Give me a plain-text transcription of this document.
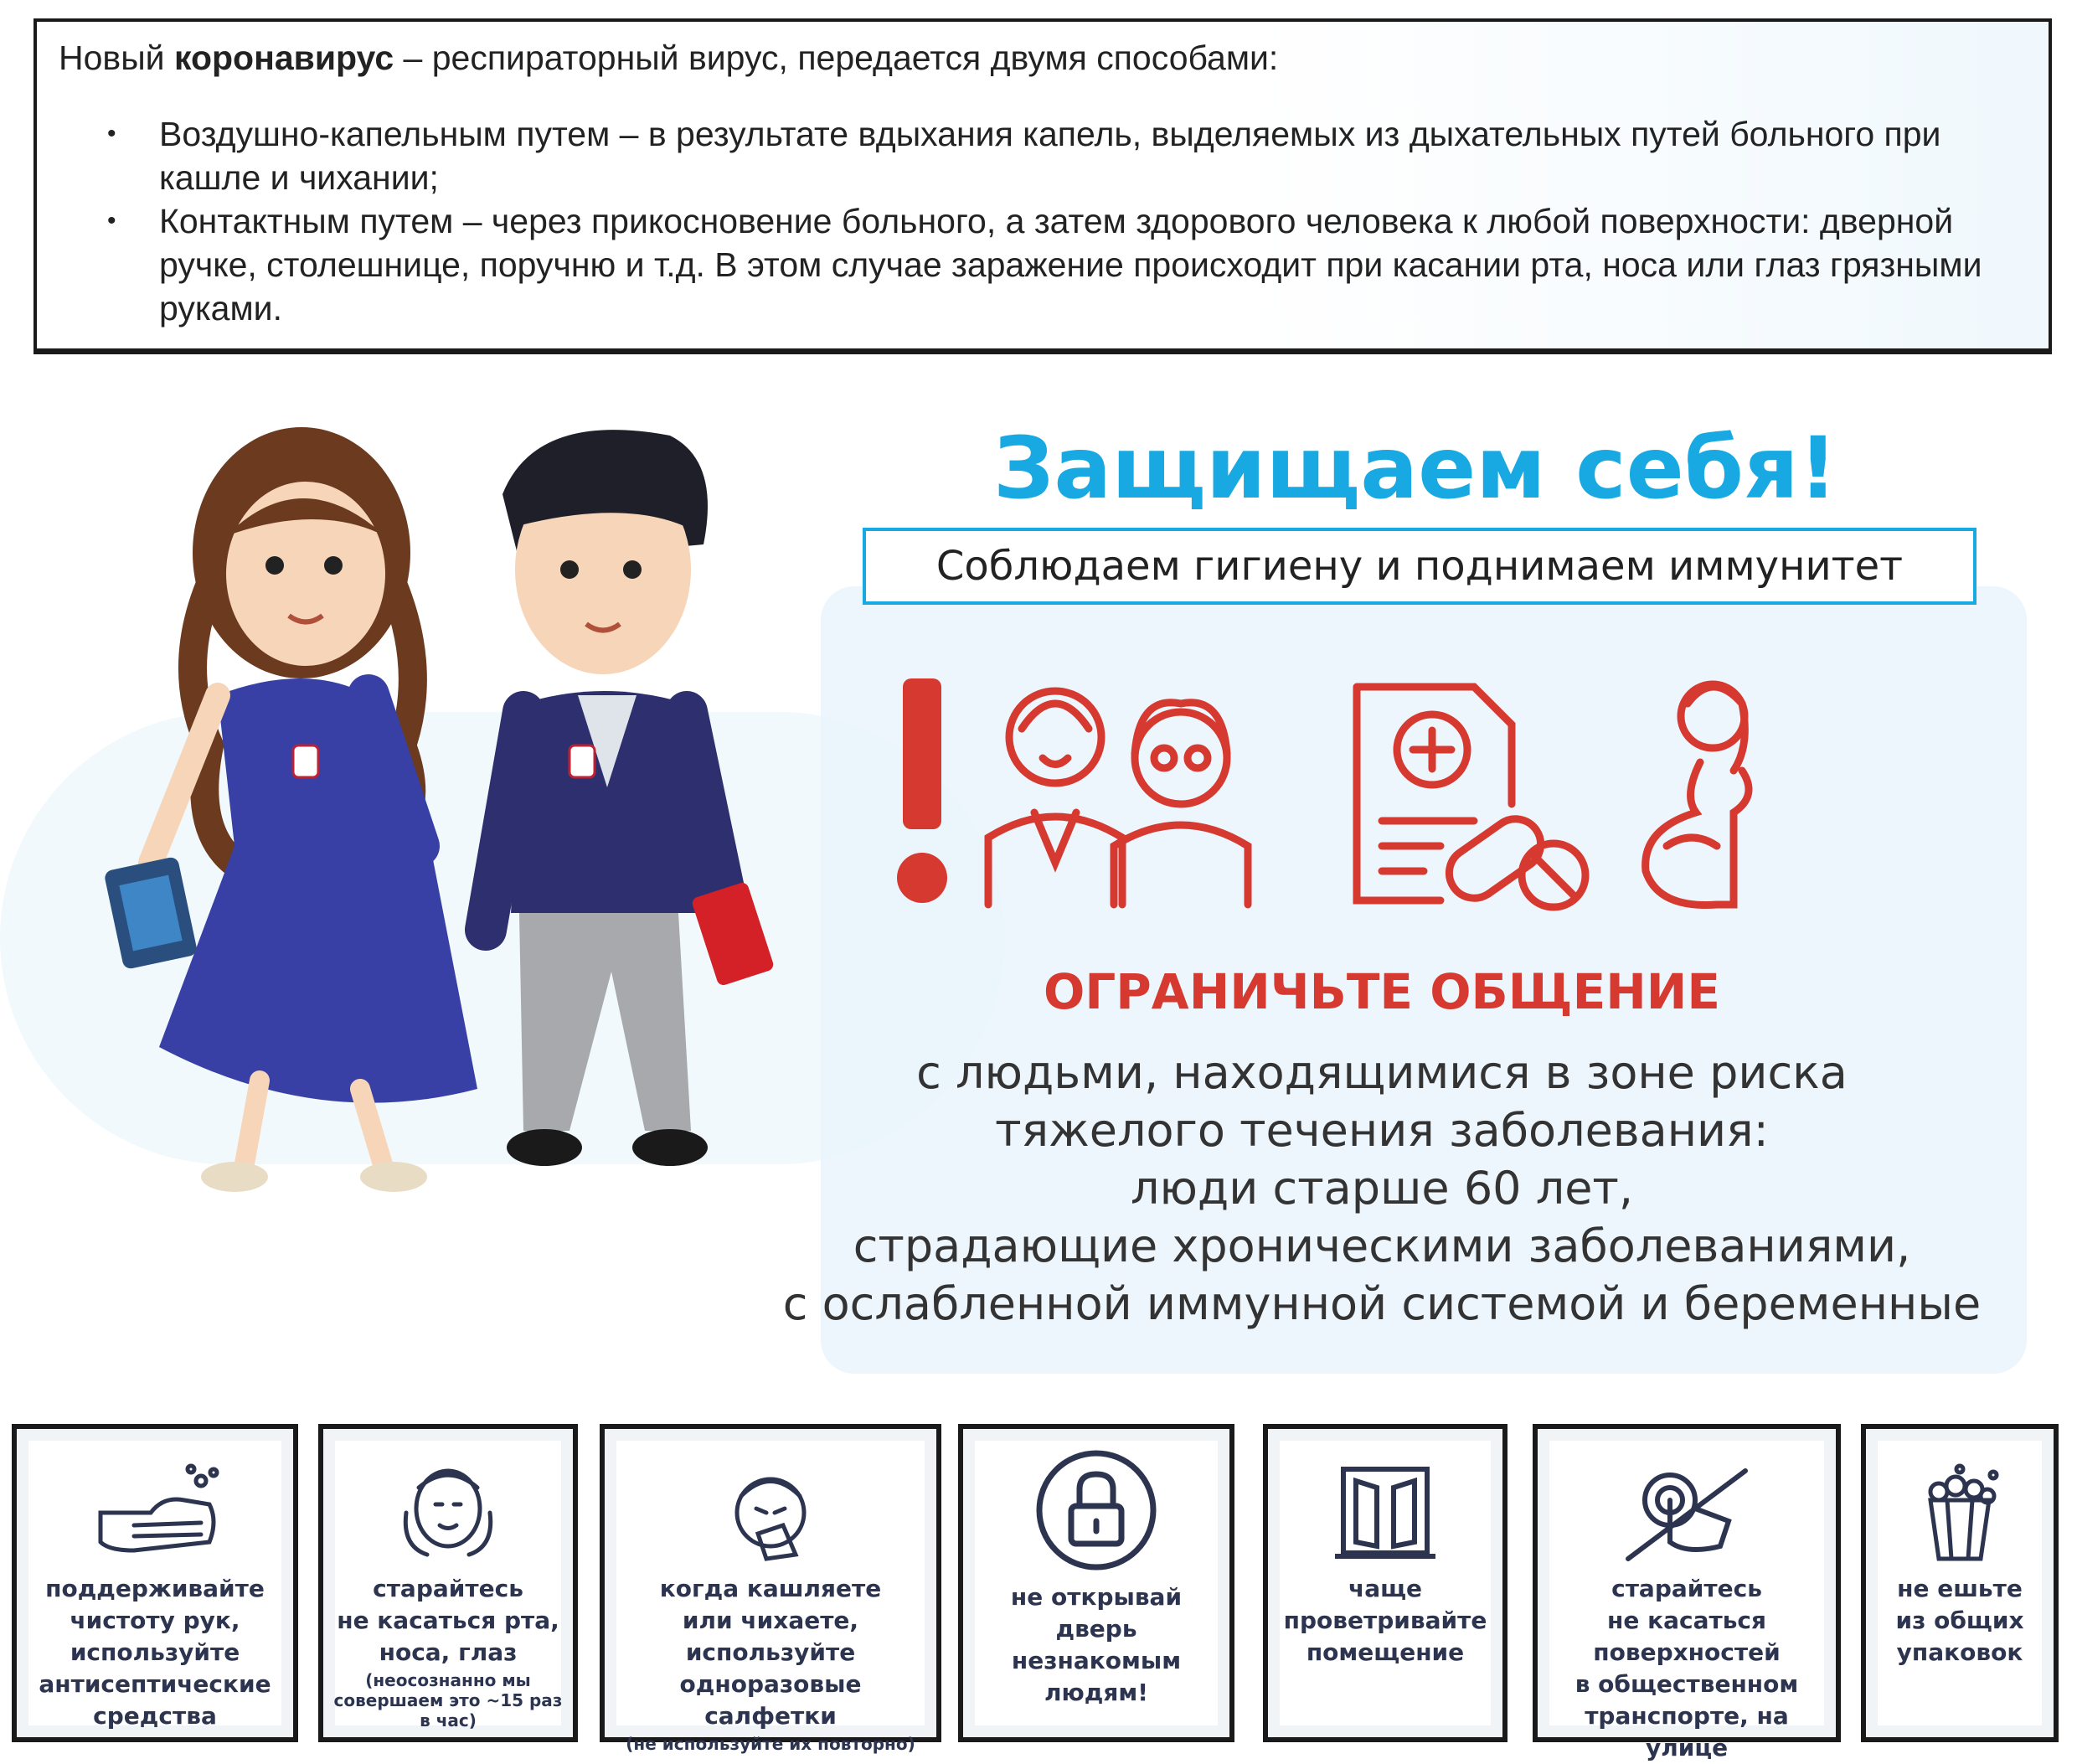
Новый коронавирус – респираторный вирус, передается двумя способами:
• Воздушно-капельным путем – в результате вдыхания капель, выделяемых из дыхательных путей больного при кашле и чихании;
• Контактным путем – через прикосновение больного, а затем здорового человека к любой поверхности: дверной ручке, столешнице, поручню и т.д. В этом случае заражение происходит при касании рта, носа или глаз грязными руками.
Защищаем себя!
Соблюдаем гигиену и поднимаем иммунитет
ОГРАНИЧЬТЕ ОБЩЕНИЕ
с людьми, находящимися в зоне риска
тяжелого течения заболевания:
люди старше 60 лет,
страдающие хроническими заболеваниями,
с ослабленной иммунной системой и беременные
поддерживайте
чистоту рук,
используйте
антисептические
средства
старайтесь
не касаться рта,
носа, глаз
(неосознанно мы совершаем это ~15 раз в час)
когда кашляете
или чихаете,
используйте
одноразовые салфетки
(не используйте их повторно)
не открывай
дверь
незнакомым
людям!
чаще
проветривайте
помещение
старайтесь
не касаться
поверхностей
в общественном
транспорте, на улице
не ешьте
из общих
упаковок
